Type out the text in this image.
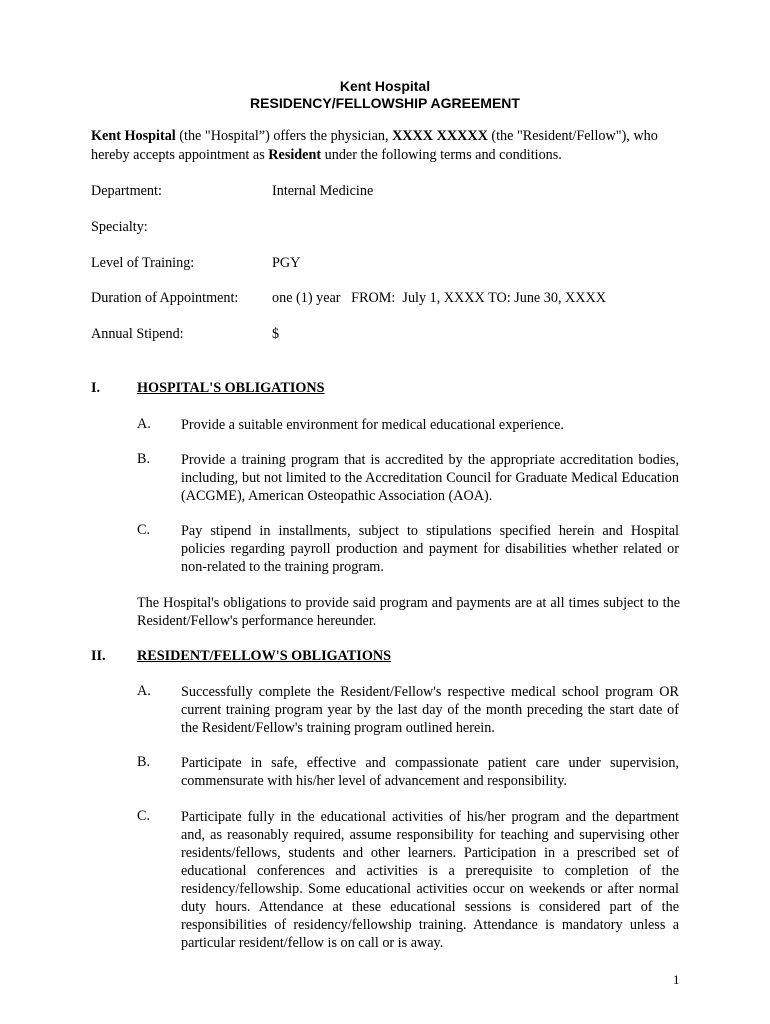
Kent Hospital
RESIDENCY/FELLOWSHIP AGREEMENT
Kent Hospital (the "Hospital”) offers the physician, XXXX XXXXX (the "Resident/Fellow"), who hereby accepts appointment as Resident under the following terms and conditions.
Department:	Internal Medicine
Specialty:
Level of Training:	PGY
Duration of Appointment: one (1) year   FROM:  July 1, XXXX TO: June 30, XXXX
Annual Stipend:	$
I.	HOSPITAL'S OBLIGATIONS
A. Provide a suitable environment for medical educational experience.
B. Provide a training program that is accredited by the appropriate accreditation bodies, including, but not limited to the Accreditation Council for Graduate Medical Education (ACGME), American Osteopathic Association (AOA).
C. Pay stipend in installments, subject to stipulations specified herein and Hospital policies regarding payroll production and payment for disabilities whether related or non-related to the training program.
The Hospital's obligations to provide said program and payments are at all times subject to the Resident/Fellow's performance hereunder.
II. RESIDENT/FELLOW'S OBLIGATIONS
A. Successfully complete the Resident/Fellow's respective medical school program OR current training program year by the last day of the month preceding the start date of the Resident/Fellow's training program outlined herein.
B. Participate in safe, effective and compassionate patient care under supervision, commensurate with his/her level of advancement and responsibility.
C. Participate fully in the educational activities of his/her program and the department and, as reasonably required, assume responsibility for teaching and supervising other residents/fellows, students and other learners. Participation in a prescribed set of educational conferences and activities is a prerequisite to completion of the residency/fellowship. Some educational activities occur on weekends or after normal duty hours. Attendance at these educational sessions is considered part of the responsibilities of residency/fellowship training. Attendance is mandatory unless a particular resident/fellow is on call or is away.
1
